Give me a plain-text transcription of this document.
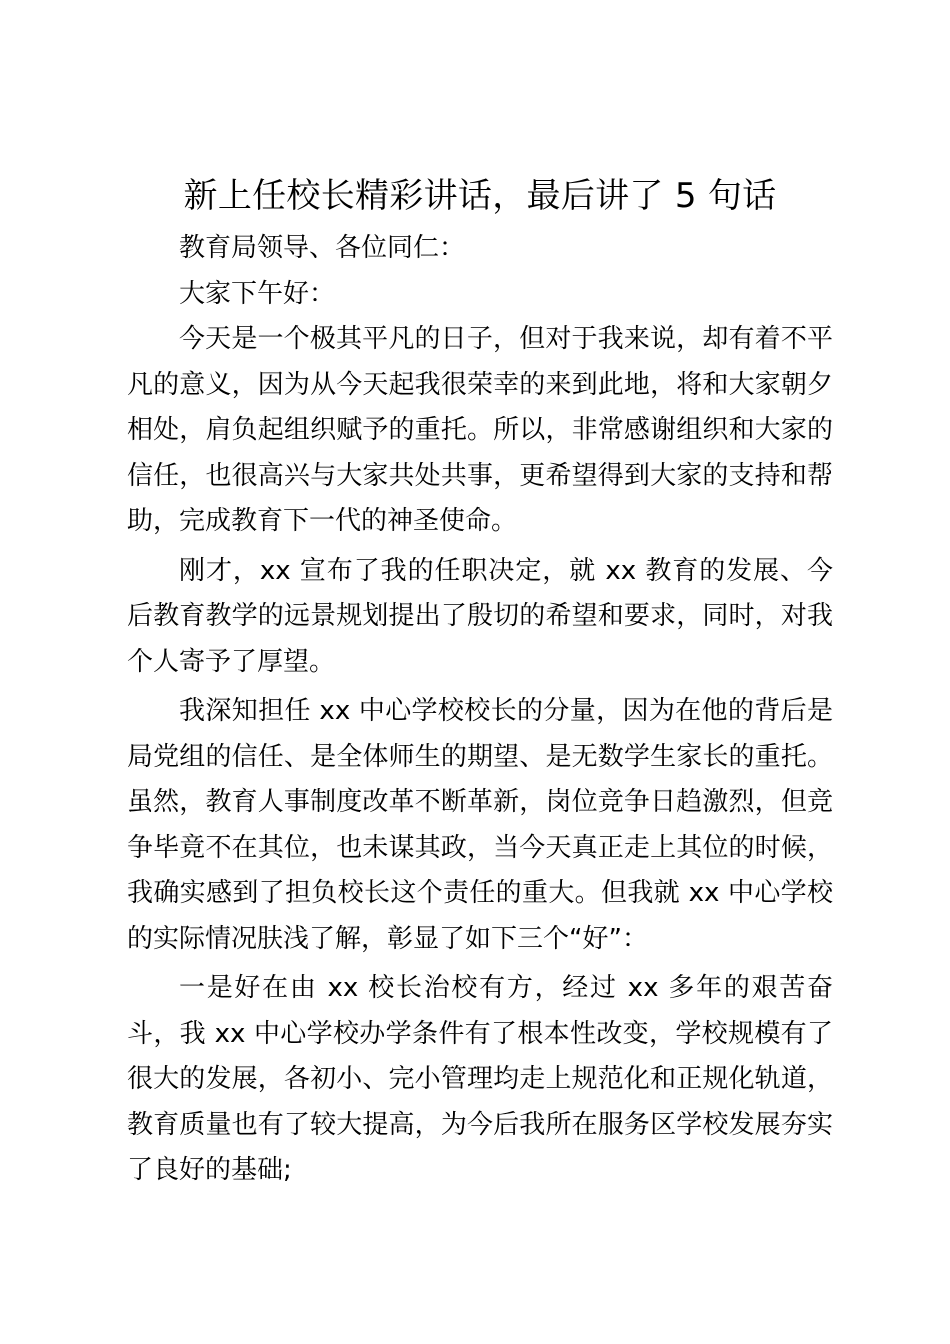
新上任校长精彩讲话，最后讲了 5 句话

教育局领导、各位同仁：

大家下午好：

今天是一个极其平凡的日子，但对于我来说，却有着不平凡的意义，因为从今天起我很荣幸的来到此地，将和大家朝夕相处，肩负起组织赋予的重托。所以，非常感谢组织和大家的信任，也很高兴与大家共处共事，更希望得到大家的支持和帮助，完成教育下一代的神圣使命。

刚才，xx 宣布了我的任职决定，就 xx 教育的发展、今后教育教学的远景规划提出了殷切的希望和要求，同时，对我个人寄予了厚望。

我深知担任 xx 中心学校校长的分量，因为在他的背后是局党组的信任、是全体师生的期望、是无数学生家长的重托。虽然，教育人事制度改革不断革新，岗位竞争日趋激烈，但竞争毕竟不在其位，也未谋其政，当今天真正走上其位的时候，我确实感到了担负校长这个责任的重大。但我就 xx 中心学校的实际情况肤浅了解，彰显了如下三个“好”：

一是好在由 xx 校长治校有方，经过 xx 多年的艰苦奋斗，我 xx 中心学校办学条件有了根本性改变，学校规模有了很大的发展，各初小、完小管理均走上规范化和正规化轨道，教育质量也有了较大提高，为今后我所在服务区学校发展夯实了良好的基础;
